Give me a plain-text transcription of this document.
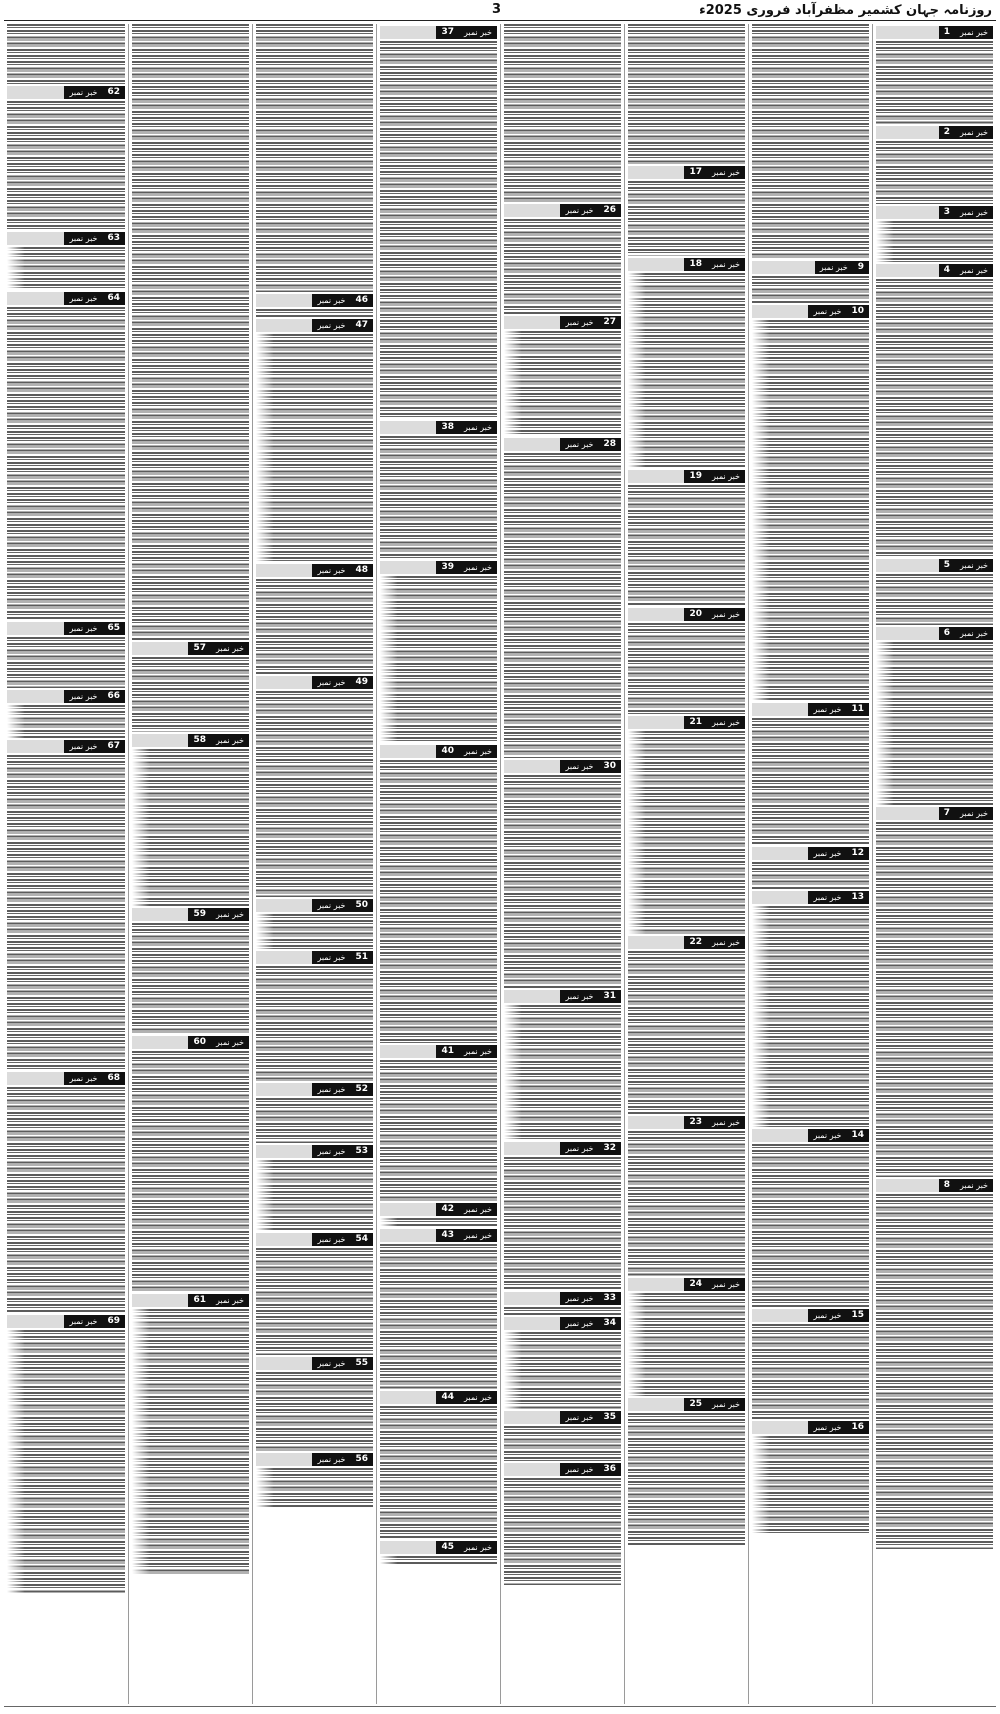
روزنامہ جہان کشمیر مظفرآباد فروری 2025ء
3
خبر نمبر
1
خبر نمبر
2
خبر نمبر
3
خبر نمبر
4
خبر نمبر
5
خبر نمبر
6
خبر نمبر
7
خبر نمبر
8
خبر نمبر	9
خبر نمبر	10
خبر نمبر	11
خبر نمبر	12
خبر نمبر	13
خبر نمبر	14
خبر نمبر	15
خبر نمبر	16
خبر نمبر
17
خبر نمبر
18
خبر نمبر
19
خبر نمبر
20
خبر نمبر
21
خبر نمبر
22
خبر نمبر
23
خبر نمبر
24
خبر نمبر
25
خبر نمبر	26
خبر نمبر	27
خبر نمبر	28
خبر نمبر	30
خبر نمبر	31
خبر نمبر	32
خبر نمبر	33
خبر نمبر	34
خبر نمبر	35
خبر نمبر	36
خبر نمبر
37
خبر نمبر
38
خبر نمبر
39
خبر نمبر
40
خبر نمبر
41
خبر نمبر
42
خبر نمبر
43
خبر نمبر
44
خبر نمبر
45
خبر نمبر	46
خبر نمبر	47
خبر نمبر	48
خبر نمبر	49
خبر نمبر	50
خبر نمبر	51
خبر نمبر	52
خبر نمبر	53
خبر نمبر	54
خبر نمبر	55
خبر نمبر	56
خبر نمبر
57
خبر نمبر
58
خبر نمبر
59
خبر نمبر
60
خبر نمبر
61
خبر نمبر	62
خبر نمبر	63
خبر نمبر	64
خبر نمبر	65
خبر نمبر	66
خبر نمبر	67
خبر نمبر	68
خبر نمبر	69
